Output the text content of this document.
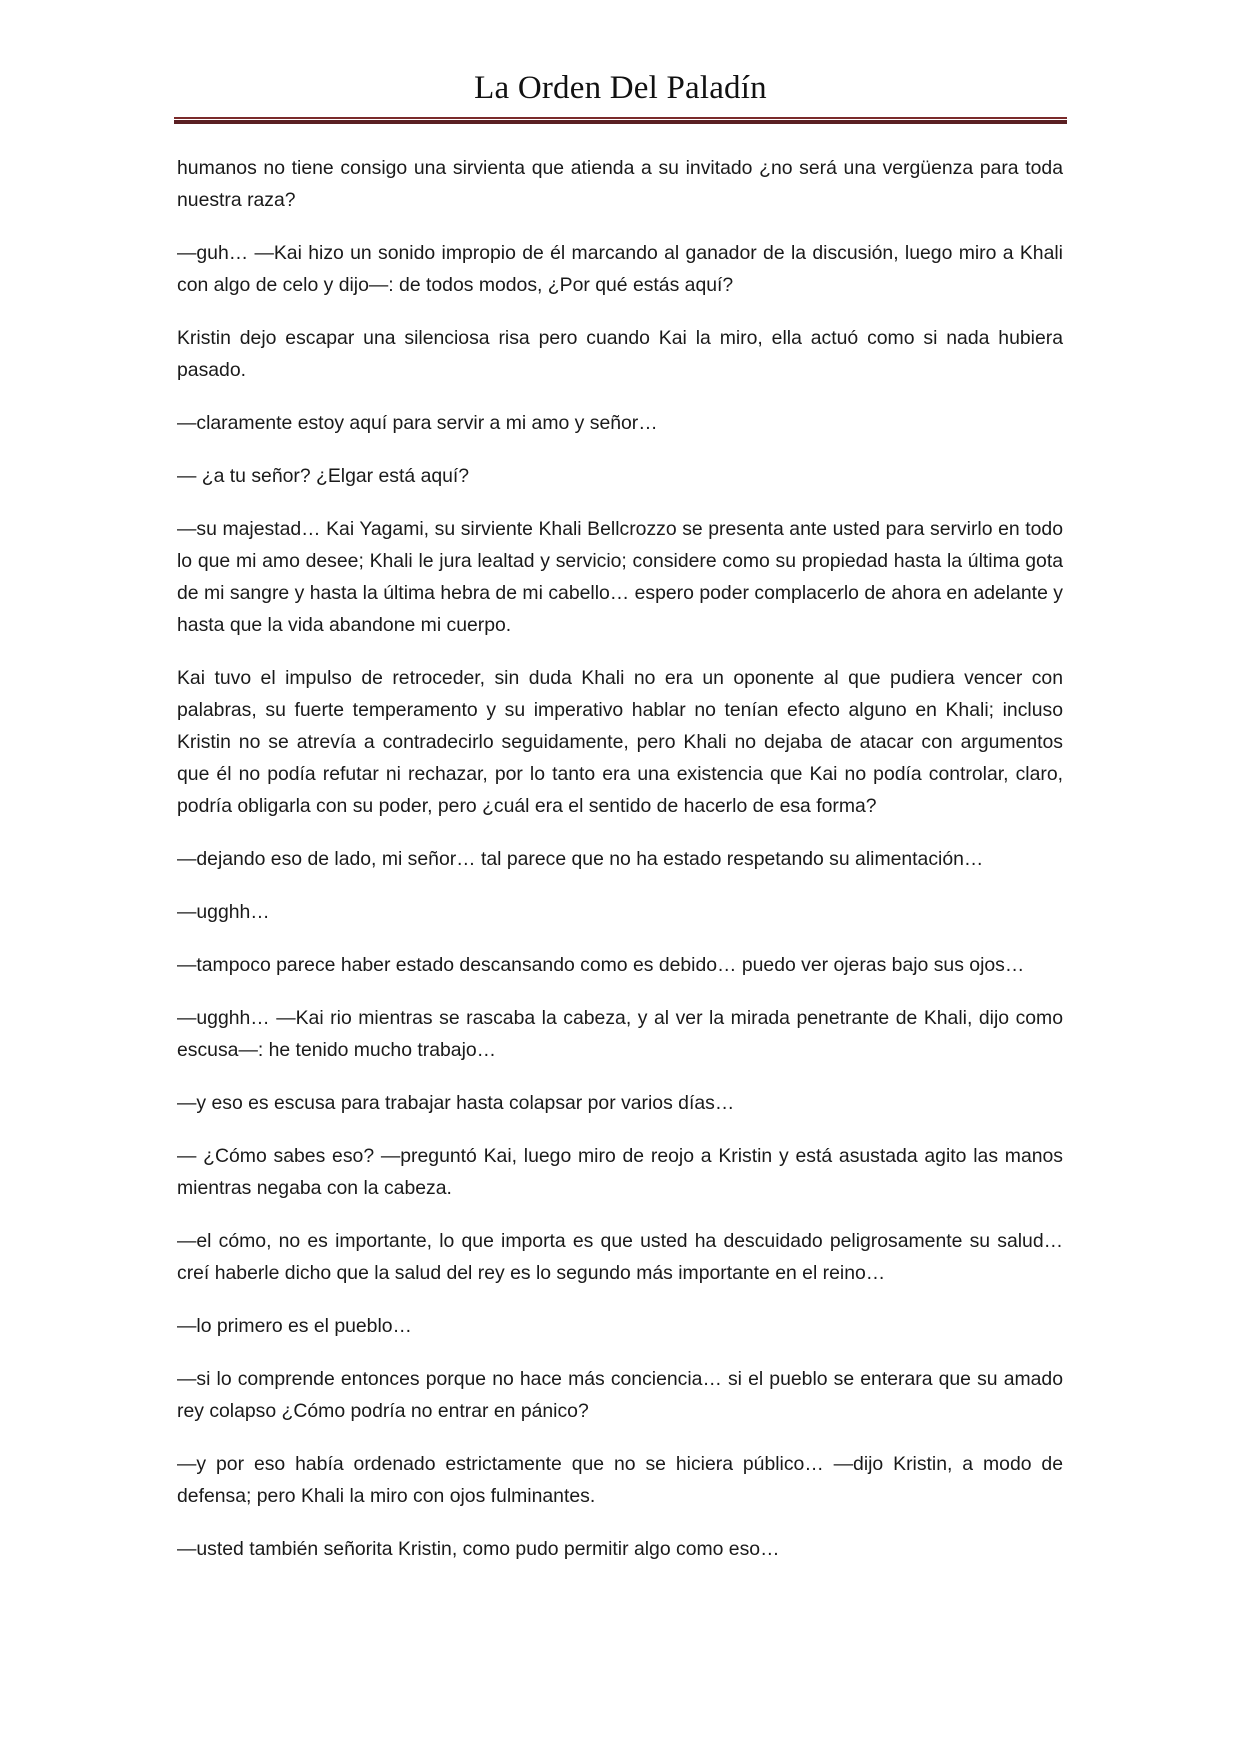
La Orden Del Paladín

humanos no tiene consigo una sirvienta que atienda a su invitado ¿no será una vergüenza para toda nuestra raza?

—guh… —Kai hizo un sonido impropio de él marcando al ganador de la discusión, luego miro a Khali con algo de celo y dijo—: de todos modos, ¿Por qué estás aquí?

Kristin dejo escapar una silenciosa risa pero cuando Kai la miro, ella actuó como si nada hubiera pasado.

—claramente estoy aquí para servir a mi amo y señor…

— ¿a tu señor? ¿Elgar está aquí?

—su majestad… Kai Yagami, su sirviente Khali Bellcrozzo se presenta ante usted para servirlo en todo lo que mi amo desee; Khali le jura lealtad y servicio; considere como su propiedad hasta la última gota de mi sangre y hasta la última hebra de mi cabello… espero poder complacerlo de ahora en adelante y hasta que la vida abandone mi cuerpo.

Kai tuvo el impulso de retroceder, sin duda Khali no era un oponente al que pudiera vencer con palabras, su fuerte temperamento y su imperativo hablar no tenían efecto alguno en Khali; incluso Kristin no se atrevía a contradecirlo seguidamente, pero Khali no dejaba de atacar con argumentos que él no podía refutar ni rechazar, por lo tanto era una existencia que Kai no podía controlar, claro, podría obligarla con su poder, pero ¿cuál era el sentido de hacerlo de esa forma?

—dejando eso de lado, mi señor… tal parece que no ha estado respetando su alimentación…

—ugghh…

—tampoco parece haber estado descansando como es debido… puedo ver ojeras bajo sus ojos…

—ugghh… —Kai rio mientras se rascaba la cabeza, y al ver la mirada penetrante de Khali, dijo como escusa—: he tenido mucho trabajo…

—y eso es escusa para trabajar hasta colapsar por varios días…

— ¿Cómo sabes eso? —preguntó Kai, luego miro de reojo a Kristin y está asustada agito las manos mientras negaba con la cabeza.

—el cómo, no es importante, lo que importa es que usted ha descuidado peligrosamente su salud… creí haberle dicho que la salud del rey es lo segundo más importante en el reino…

—lo primero es el pueblo…

—si lo comprende entonces porque no hace más conciencia… si el pueblo se enterara que su amado rey colapso ¿Cómo podría no entrar en pánico?

—y por eso había ordenado estrictamente que no se hiciera público… —dijo Kristin, a modo de defensa; pero Khali la miro con ojos fulminantes.

—usted también señorita Kristin, como pudo permitir algo como eso…
